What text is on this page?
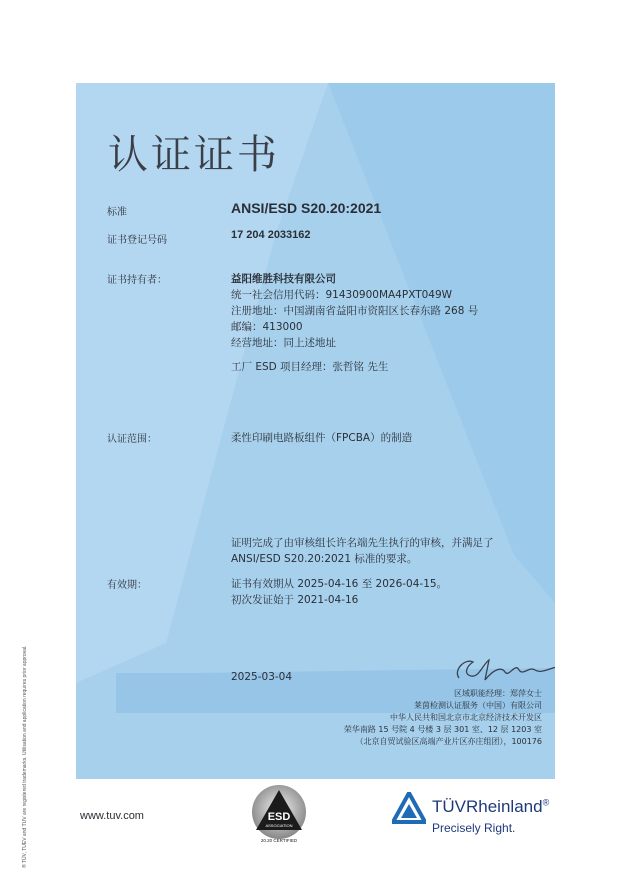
认证证书
标准	ANSI/ESD S20.20:2021
证书登记号码	17 204 2033162
证书持有者：	益阳维胜科技有限公司
统一社会信用代码：91430900MA4PXT049W
注册地址：中国湖南省益阳市资阳区长春东路 268 号
邮编：413000
经营地址：同上述地址
工厂 ESD 项目经理：张哲铭 先生
认证范围：	柔性印刷电路板组件（FPCBA）的制造
证明完成了由审核组长许名端先生执行的审核，并满足了
ANSI/ESD S20.20:2021 标准的要求。
有效期：	证书有效期从 2025-04-16 至 2026-04-15。
初次发证始于 2021-04-16
2025-03-04
区域职能经理：郑萍女士
莱茵检测认证服务（中国）有限公司
中华人民共和国北京市北京经济技术开发区
荣华南路 15 号院 4 号楼 3 层 301 室、12 层 1203 室
（北京自贸试验区高端产业片区亦庄组团），100176
® TÜV, TUEV and TUV are registered trademarks. Utilisation and application requires prior approval.	www.tuv.com	ESD
ASSOCIATION
20.20 CERTIFIED
TÜVRheinland®
Precisely Right.
